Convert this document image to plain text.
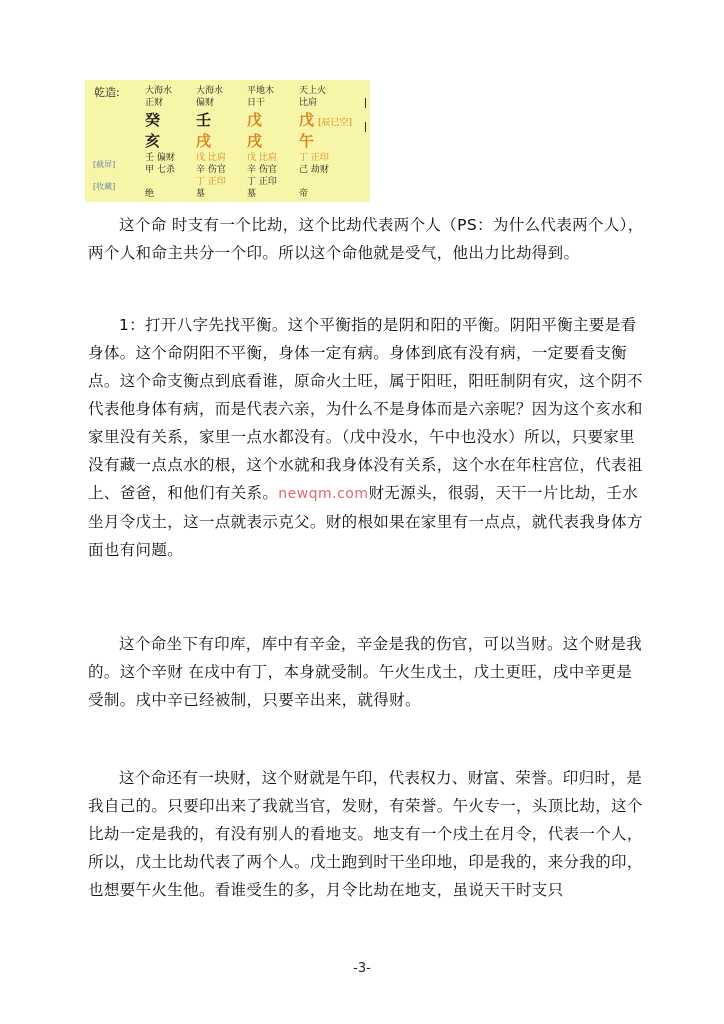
乾造:
[截屏]
[收藏]
大海水
正财
癸
亥
壬 偏财
甲 七杀
绝
大海水
偏财
壬
戌
戊 比肩
辛 伤官
丁 正印
墓
平地木
日干
戊
戌
戊 比肩
辛 伤官
丁 正印
墓
天上火
比肩
戊 [辰巳空]
午
丁 正印
己 劫财
帝

这个命 时支有一个比劫，这个比劫代表两个人（PS：为什么代表两个人），两个人和命主共分一个印。所以这个命他就是受气，他出力比劫得到。

1：打开八字先找平衡。这个平衡指的是阴和阳的平衡。阴阳平衡主要是看身体。这个命阴阳不平衡，身体一定有病。身体到底有没有病，一定要看支衡点。这个命支衡点到底看谁，原命火土旺，属于阳旺，阳旺制阴有灾，这个阴不代表他身体有病，而是代表六亲，为什么不是身体而是六亲呢？因为这个亥水和家里没有关系，家里一点水都没有。（戊中没水，午中也没水）所以，只要家里没有藏一点点水的根，这个水就和我身体没有关系，这个水在年柱宫位，代表祖上、爸爸，和他们有关系。newqm.com财无源头，很弱，天干一片比劫，壬水坐月令戊土，这一点就表示克父。财的根如果在家里有一点点，就代表我身体方面也有问题。

这个命坐下有印库，库中有辛金，辛金是我的伤官，可以当财。这个财是我的。这个辛财 在戌中有丁，本身就受制。午火生戊土，戊土更旺，戌中辛更是受制。戌中辛已经被制，只要辛出来，就得财。

这个命还有一块财，这个财就是午印，代表权力、财富、荣誉。印归时，是我自己的。只要印出来了我就当官，发财，有荣誉。午火专一，头顶比劫，这个比劫一定是我的，有没有别人的看地支。地支有一个戌土在月令，代表一个人，所以，戊土比劫代表了两个人。戊土跑到时干坐印地，印是我的，来分我的印，也想要午火生他。看谁受生的多，月令比劫在地支，虽说天干时支只

-3-
